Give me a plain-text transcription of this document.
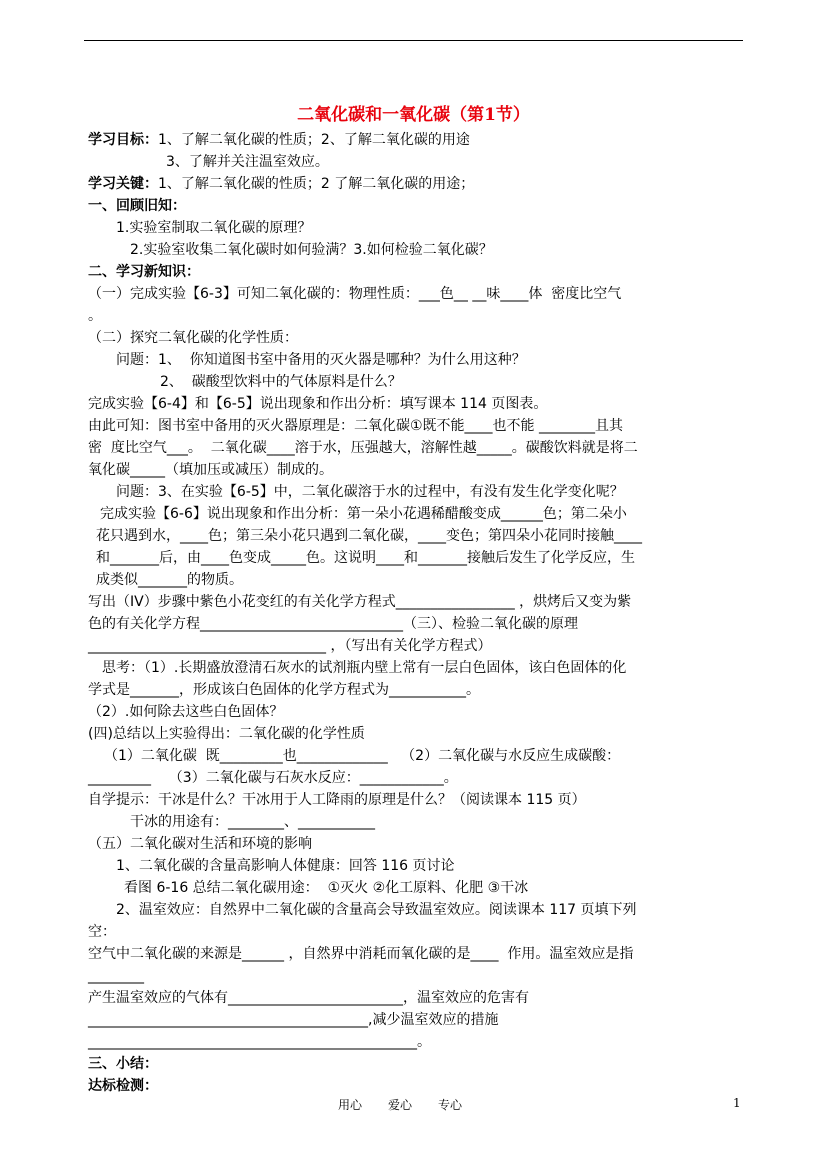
二氧化碳和一氧化碳（第1节）
学习目标：1、了解二氧化碳的性质；2、了解二氧化碳的用途
3、了解并关注温室效应。
学习关键：1、了解二氧化碳的性质；2 了解二氧化碳的用途；
一、回顾旧知：
1.实验室制取二氧化碳的原理？
2.实验室收集二氧化碳时如何验满？3.如何检验二氧化碳？
二、学习新知识：
（一）完成实验【6-3】可知二氧化碳的：物理性质：___色__ __味____体  密度比空气
。
（二）探究二氧化碳的化学性质：
问题：1、  你知道图书室中备用的灭火器是哪种？为什么用这种？
2、  碳酸型饮料中的气体原料是什么？
完成实验【6-4】和【6-5】说出现象和作出分析：填写课本 114 页图表。
由此可知：图书室中备用的灭火器原理是：二氧化碳①既不能____也不能 ________且其
密  度比空气___。  二氧化碳____溶于水，压强越大，溶解性越_____。碳酸饮料就是将二
氧化碳_____（填加压或减压）制成的。
问题：3、在实验【6-5】中，二氧化碳溶于水的过程中，有没有发生化学变化呢？
完成实验【6-6】说出现象和作出分析：第一朵小花遇稀醋酸变成______色；第二朵小
花只遇到水，____色；第三朵小花只遇到二氧化碳，____变色；第四朵小花同时接触____
和_______后，由____色变成_____色。这说明____和_______接触后发生了化学反应，生
成类似_______的物质。
写出（IV）步骤中紫色小花变红的有关化学方程式_________________ ，烘烤后又变为紫
色的有关化学方程_____________________________（三）、检验二氧化碳的原理
__________________________________ ，（写出有关化学方程式）
思考：（1）.长期盛放澄清石灰水的试剂瓶内壁上常有一层白色固体，该白色固体的化
学式是_______，形成该白色固体的化学方程式为___________。
（2）.如何除去这些白色固体？
(四)总结以上实验得出：二氧化碳的化学性质
（1）二氧化碳  既_________也_____________   （2）二氧化碳与水反应生成碳酸：
_________    （3）二氧化碳与石灰水反应：____________。
自学提示：干冰是什么？干冰用于人工降雨的原理是什么？（阅读课本 115 页）
干冰的用途有：________、___________
（五）二氧化碳对生活和环境的影响
1、二氧化碳的含量高影响人体健康：回答 116 页讨论
看图 6-16 总结二氧化碳用途：  ①灭火 ②化工原料、化肥 ③干冰
2、温室效应：自然界中二氧化碳的含量高会导致温室效应。阅读课本 117 页填下列
空：
空气中二氧化碳的来源是______ ，自然界中消耗而氧化碳的是____  作用。温室效应是指
________
产生温室效应的气体有_________________________，温室效应的危害有
________________________________________,减少温室效应的措施
_______________________________________________。
三、小结：
达标检测：
用心 爱心 专心	1
